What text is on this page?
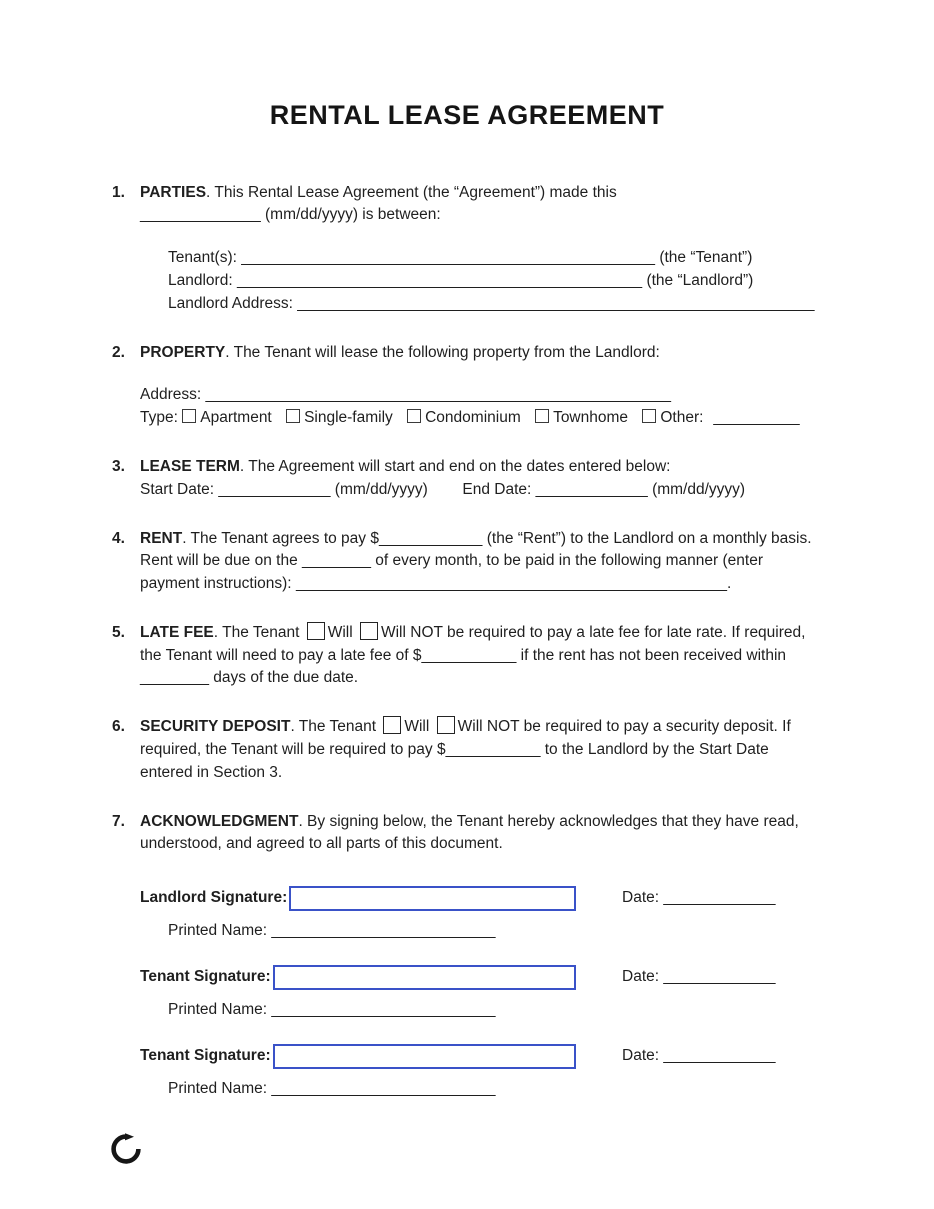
RENTAL LEASE AGREEMENT
1. PARTIES. This Rental Lease Agreement (the “Agreement”) made this
______________ (mm/dd/yyyy) is between:
Tenant(s): ________________________________________________ (the “Tenant”)
Landlord: _______________________________________________ (the “Landlord”)
Landlord Address: ____________________________________________________________
2. PROPERTY. The Tenant will lease the following property from the Landlord:
Address: ______________________________________________________
Type: Apartment Single-family Condominium Townhome Other: __________
3. LEASE TERM. The Agreement will start and end on the dates entered below:
Start Date: _____________ (mm/dd/yyyy) End Date: _____________ (mm/dd/yyyy)
4. RENT. The Tenant agrees to pay $____________ (the “Rent”) to the Landlord on a monthly basis. Rent will be due on the ________ of every month, to be paid in the following manner (enter payment instructions): __________________________________________________.
5. LATE FEE. The Tenant Will Will NOT be required to pay a late fee for late rate. If required, the Tenant will need to pay a late fee of $___________ if the rent has not been received within ________ days of the due date.
6. SECURITY DEPOSIT. The Tenant Will Will NOT be required to pay a security deposit. If required, the Tenant will be required to pay $___________ to the Landlord by the Start Date entered in Section 3.
7. ACKNOWLEDGMENT. By signing below, the Tenant hereby acknowledges that they have read, understood, and agreed to all parts of this document.
Landlord Signature:	Date: _____________
Printed Name: __________________________
Tenant Signature:	Date: _____________
Printed Name: __________________________
Tenant Signature:	Date: _____________
Printed Name: __________________________
